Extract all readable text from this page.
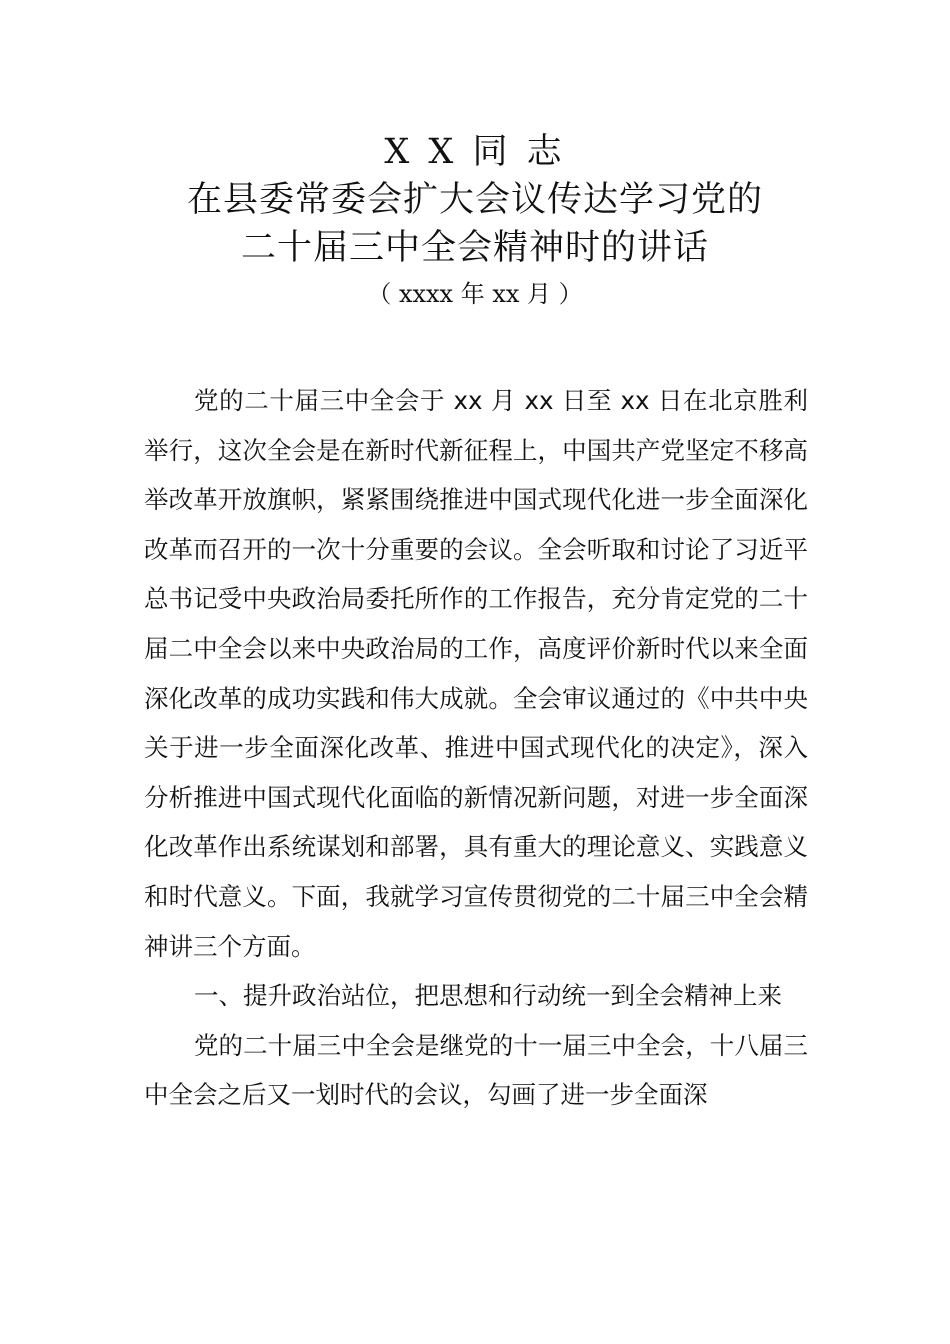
X X 同 志
在县委常委会扩大会议传达学习党的
二十届三中全会精神时的讲话
（ xxxx 年 xx 月 ）

党的二十届三中全会于 xx 月 xx 日至 xx 日在北京胜利举行，这次全会是在新时代新征程上，中国共产党坚定不移高举改革开放旗帜，紧紧围绕推进中国式现代化进一步全面深化改革而召开的一次十分重要的会议。全会听取和讨论了习近平总书记受中央政治局委托所作的工作报告，充分肯定党的二十届二中全会以来中央政治局的工作，高度评价新时代以来全面深化改革的成功实践和伟大成就。全会审议通过的《中共中央关于进一步全面深化改革、推进中国式现代化的决定》，深入分析推进中国式现代化面临的新情况新问题，对进一步全面深化改革作出系统谋划和部署，具有重大的理论意义、实践意义和时代意义。下面，我就学习宣传贯彻党的二十届三中全会精神讲三个方面。

一、提升政治站位，把思想和行动统一到全会精神上来

党的二十届三中全会是继党的十一届三中全会，十八届三中全会之后又一划时代的会议，勾画了进一步全面深
